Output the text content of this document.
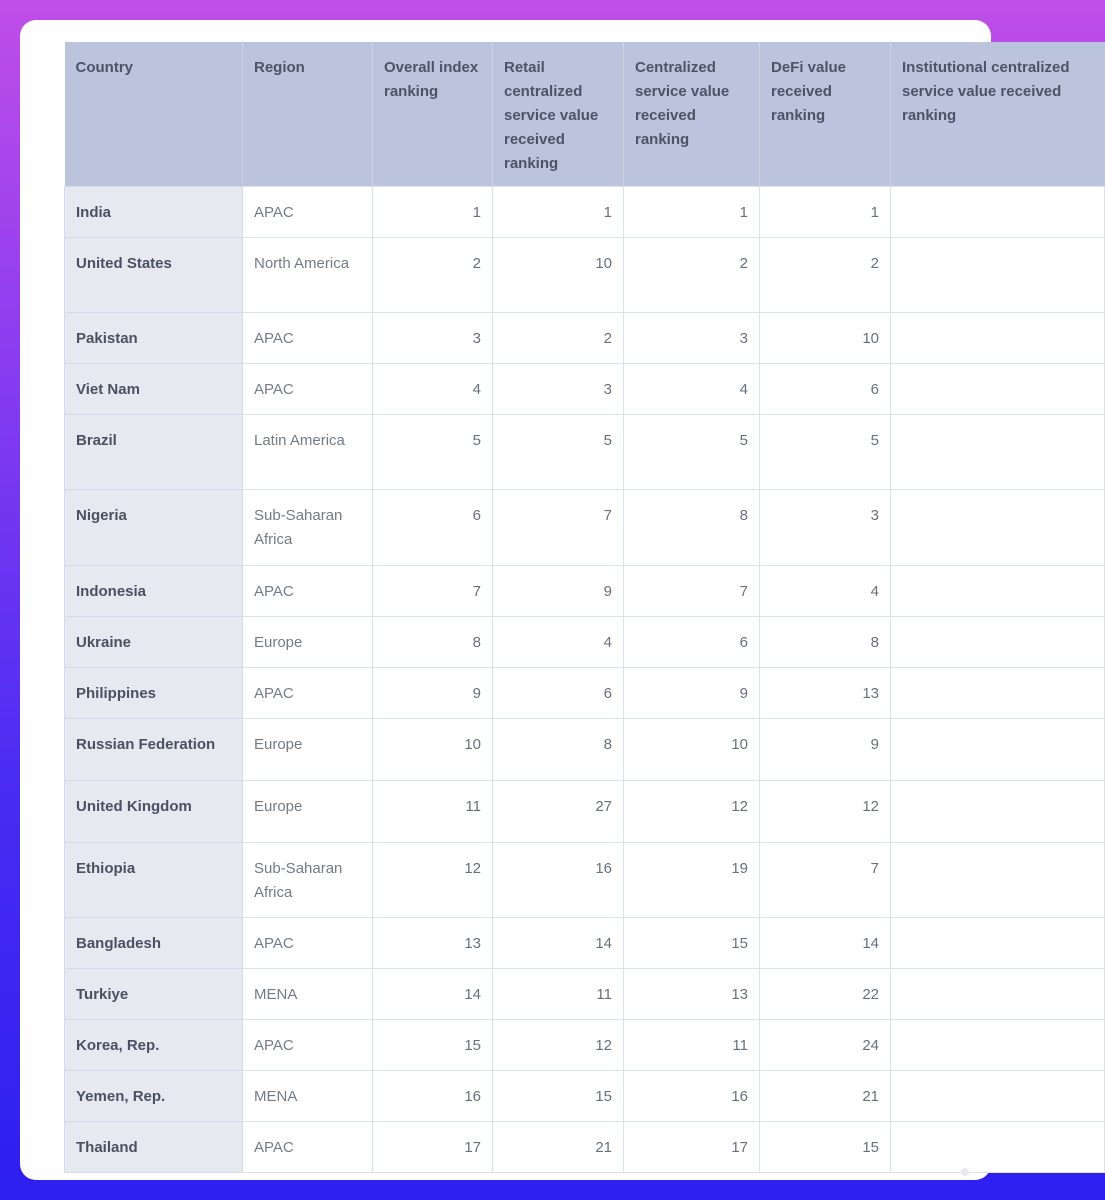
Country	Region	Overall index ranking	Retail centralized service value received ranking	Centralized service value received ranking	DeFi value received ranking	Institutional centralized service value received ranking
India	APAC	1	1	1	1	
United States	North America	2	10	2	2	
Pakistan	APAC	3	2	3	10	
Viet Nam	APAC	4	3	4	6	
Brazil	Latin America	5	5	5	5	
Nigeria	Sub-Saharan Africa	6	7	8	3	
Indonesia	APAC	7	9	7	4	
Ukraine	Europe	8	4	6	8	
Philippines	APAC	9	6	9	13	
Russian Federation	Europe	10	8	10	9	
United Kingdom	Europe	11	27	12	12	
Ethiopia	Sub-Saharan Africa	12	16	19	7	
Bangladesh	APAC	13	14	15	14	
Turkiye	MENA	14	11	13	22	
Korea, Rep.	APAC	15	12	11	24	
Yemen, Rep.	MENA	16	15	16	21	
Thailand	APAC	17	21	17	15	
